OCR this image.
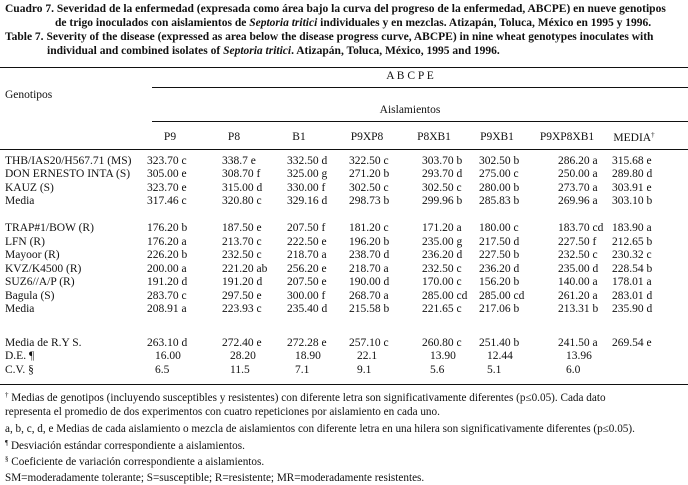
Cuadro 7. Severidad de la enfermedad (expresada como área bajo la curva del progreso de la enfermedad, ABCPE) en nueve genotipos
de trigo inoculados con aislamientos de Septoria tritici individuales y en mezclas. Atizapán, Toluca, México en 1995 y 1996.
Table 7. Severity of the disease (expressed as area below the disease progress curve, ABCPE) in nine wheat genotypes inoculates with
individual and combined isolates of Septoria tritici. Atizapán, Toluca, México, 1995 and 1996.
A B C P E
Genotipos
Aislamientos
P9	P8	B1	P9XP8	P8XB1	P9XB1 P9XP8XB1 MEDIA†
THB/IAS20/H567.71 (MS) 323.70 c	338.7 e	332.50 d 322.50 c	303.70 b 302.50 b	286.20 a 315.68 e
DON ERNESTO INTA (S) 305.00 e	308.70 f 325.00 g 271.20 b	293.70 d 275.00 c	250.00 a 289.80 d
KAUZ (S)	323.70 e	315.00 d 330.00 f 302.50 c	302.50 c 280.00 b	273.70 a 303.91 e
Media	317.46 c	320.80 c 329.16 d 298.73 b	299.96 b 285.83 b	269.96 a 303.10 b
TRAP#1/BOW (R)	176.20 b	187.50 e 207.50 f 181.20 c	171.20 a 180.00 c	183.70 cd 183.90 a
LFN (R)	176.20 a	213.70 c 222.50 e 196.20 b	235.00 g 217.50 d	227.50 f 212.65 b
Mayoor (R)	226.20 b	232.50 c 218.70 a 238.70 d	236.20 d 227.50 b	232.50 c 230.32 c
KVZ/K4500 (R)	200.00 a	221.20 ab 256.20 e 218.70 a	232.50 c 236.20 d	235.00 d 228.54 b
SUZ6//A/P (R)	191.20 d	191.20 d 207.50 e 190.00 d	170.00 c 156.20 b	140.00 a 178.01 a
Bagula (S)	283.70 c	297.50 e 300.00 f 268.70 a	285.00 cd 285.00 cd	261.20 a 283.01 d
Media	208.91 a	223.93 c 235.40 d 215.58 b	221.65 c 217.06 b	213.31 b 235.90 d
Media de R.Y S.	263.10 d	272.40 e 272.28 e 257.10 c	260.80 c 251.40 b	241.50 a 269.54 e
D.E. ¶	16.00	28.20	18.90	22.1	13.90	12.44	13.96
C.V. §	6.5	11.5	7.1	9.1	5.6	5.1	6.0
† Medias de genotipos (incluyendo susceptibles y resistentes) con diferente letra son significativamente diferentes (p≤0.05). Cada dato
representa el promedio de dos experimentos con cuatro repeticiones por aislamiento en cada uno.
a, b, c, d, e Medias de cada aislamiento o mezcla de aislamientos con diferente letra en una hilera son significativamente diferentes (p≤0.05).
¶ Desviación estándar correspondiente a aislamientos.
§ Coeficiente de variación correspondiente a aislamientos.
SM=moderadamente tolerante; S=susceptible; R=resistente; MR=moderadamente resistentes.
